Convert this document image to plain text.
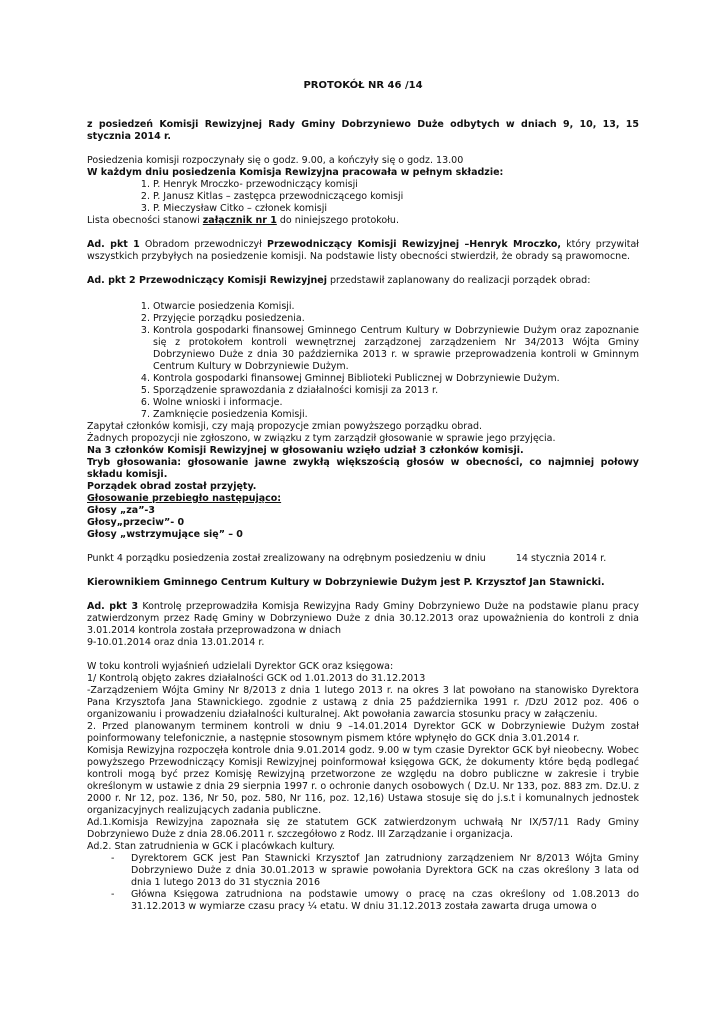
PROTOKÓŁ NR 46 /14

z posiedzeń Komisji Rewizyjnej Rady Gminy Dobrzyniewo Duże odbytych w dniach 9, 10, 13, 15 stycznia 2014 r.

Posiedzenia komisji rozpoczynały się o godz. 9.00, a kończyły się o godz. 13.00

W każdym dniu posiedzenia Komisja Rewizyjna pracowała w pełnym składzie:

1. P. Henryk Mroczko- przewodniczący komisji
2. P. Janusz Kitlas – zastępca przewodniczącego komisji
3. P. Mieczysław Citko – członek komisji

Lista obecności stanowi załącznik nr 1 do niniejszego protokołu.

Ad. pkt 1 Obradom przewodniczył Przewodniczący Komisji Rewizyjnej –Henryk Mroczko, który przywitał wszystkich przybyłych na posiedzenie komisji. Na podstawie listy obecności stwierdził, że obrady są prawomocne.

Ad. pkt 2 Przewodniczący Komisji Rewizyjnej przedstawił zaplanowany do realizacji porządek obrad:

1. Otwarcie posiedzenia Komisji.
2. Przyjęcie porządku posiedzenia.
3. Kontrola gospodarki finansowej Gminnego Centrum Kultury w Dobrzyniewie Dużym oraz zapoznanie się z protokołem kontroli wewnętrznej zarządzonej zarządzeniem Nr 34/2013 Wójta Gminy Dobrzyniewo Duże z dnia 30 października 2013 r. w sprawie przeprowadzenia kontroli w Gminnym Centrum Kultury w Dobrzyniewie Dużym.
4. Kontrola gospodarki finansowej Gminnej Biblioteki Publicznej w Dobrzyniewie Dużym.
5. Sporządzenie sprawozdania z działalności komisji za 2013 r.
6. Wolne wnioski i informacje.
7. Zamknięcie posiedzenia Komisji.

Zapytał członków komisji, czy mają propozycje zmian powyższego porządku obrad.

Żadnych propozycji nie zgłoszono, w związku z tym zarządził głosowanie w sprawie jego przyjęcia.

Na 3 członków Komisji Rewizyjnej w głosowaniu wzięło udział 3 członków komisji.

Tryb głosowania: głosowanie jawne zwykłą większością głosów w obecności, co najmniej połowy składu komisji.

Porządek obrad został przyjęty.

Głosowanie przebiegło następująco:

Głosy „za”-3

Głosy„przeciw”- 0

Głosy „wstrzymujące się” – 0

Punkt 4 porządku posiedzenia został zrealizowany na odrębnym posiedzeniu w dniu	14 stycznia 2014 r.

Kierownikiem Gminnego Centrum Kultury w Dobrzyniewie Dużym jest P. Krzysztof Jan Stawnicki.

Ad. pkt 3 Kontrolę przeprowadziła Komisja Rewizyjna Rady Gminy Dobrzyniewo Duże na podstawie planu pracy zatwierdzonym przez Radę Gminy w Dobrzyniewo Duże z dnia 30.12.2013 oraz upoważnienia do kontroli z dnia 3.01.2014 kontrola została przeprowadzona w dniach

9-10.01.2014 oraz dnia 13.01.2014 r.

W toku kontroli wyjaśnień udzielali Dyrektor GCK oraz księgowa:

1/ Kontrolą objęto zakres działalności GCK od 1.01.2013 do 31.12.2013

-Zarządzeniem Wójta Gminy Nr 8/2013 z dnia 1 lutego 2013 r. na okres 3 lat powołano na stanowisko Dyrektora Pana Krzysztofa Jana Stawnickiego. zgodnie z ustawą z dnia 25 października 1991 r. /DzU 2012 poz. 406 o organizowaniu i prowadzeniu działalności kulturalnej. Akt powołania zawarcia stosunku pracy w załączeniu.

2. Przed planowanym terminem kontroli w dniu 9 –14.01.2014 Dyrektor GCK w Dobrzyniewie Dużym został poinformowany telefonicznie, a następnie stosownym pismem które wpłynęło do GCK dnia 3.01.2014 r.

Komisja Rewizyjna rozpoczęła kontrole dnia 9.01.2014 godz. 9.00 w tym czasie Dyrektor GCK był nieobecny. Wobec powyższego Przewodniczący Komisji Rewizyjnej poinformował księgowa GCK, że dokumenty które będą podlegać kontroli mogą być przez Komisję Rewizyjną przetworzone ze względu na dobro publiczne w zakresie i trybie określonym w ustawie z dnia 29 sierpnia 1997 r. o ochronie danych osobowych ( Dz.U. Nr 133, poz. 883 zm. Dz.U. z 2000 r. Nr 12, poz. 136, Nr 50, poz. 580, Nr 116, poz. 12,16) Ustawa stosuje się do j.s.t i komunalnych jednostek organizacyjnych realizujących zadania publiczne.

Ad.1.Komisja Rewizyjna zapoznała się ze statutem GCK zatwierdzonym uchwałą Nr IX/57/11 Rady Gminy Dobrzyniewo Duże z dnia 28.06.2011 r. szczegółowo z Rodz. III Zarządzanie i organizacja.

Ad.2. Stan zatrudnienia w GCK i placówkach kultury.

- Dyrektorem GCK jest Pan Stawnicki Krzysztof Jan zatrudniony zarządzeniem Nr 8/2013 Wójta Gminy Dobrzyniewo Duże z dnia 30.01.2013 w sprawie powołania Dyrektora GCK na czas określony 3 lata od dnia 1 lutego 2013 do 31 stycznia 2016
- Główna Księgowa zatrudniona na podstawie umowy o pracę na czas określony od 1.08.2013 do 31.12.2013 w wymiarze czasu pracy ¼ etatu. W dniu 31.12.2013 została zawarta druga umowa o
